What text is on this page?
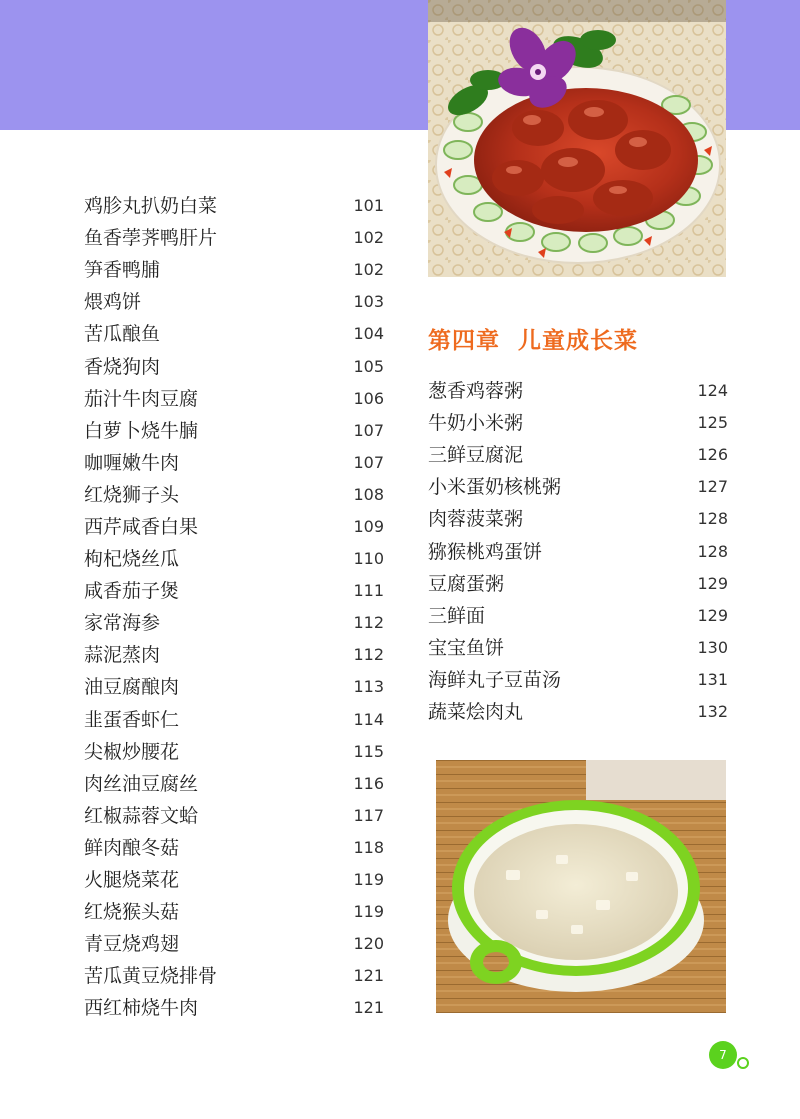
鸡胗丸扒奶白菜	101
鱼香荸荠鸭肝片	102
笋香鸭脯	102
煨鸡饼	103
苦瓜酿鱼	104
香烧狗肉	105
茄汁牛肉豆腐	106
白萝卜烧牛腩	107
咖喱嫩牛肉	107
红烧狮子头	108
西芹咸香白果	109
枸杞烧丝瓜	110
咸香茄子煲	111
家常海参	112
蒜泥蒸肉	112
油豆腐酿肉	113
韭蛋香虾仁	114
尖椒炒腰花	115
肉丝油豆腐丝	116
红椒蒜蓉文蛤	117
鲜肉酿冬菇	118
火腿烧菜花	119
红烧猴头菇	119
青豆烧鸡翅	120
苦瓜黄豆烧排骨	121
西红柿烧牛肉	121
第四章  儿童成长菜
葱香鸡蓉粥	124
牛奶小米粥	125
三鲜豆腐泥	126
小米蛋奶核桃粥	127
肉蓉菠菜粥	128
猕猴桃鸡蛋饼	128
豆腐蛋粥	129
三鲜面	129
宝宝鱼饼	130
海鲜丸子豆苗汤	131
蔬菜烩肉丸	132
7
